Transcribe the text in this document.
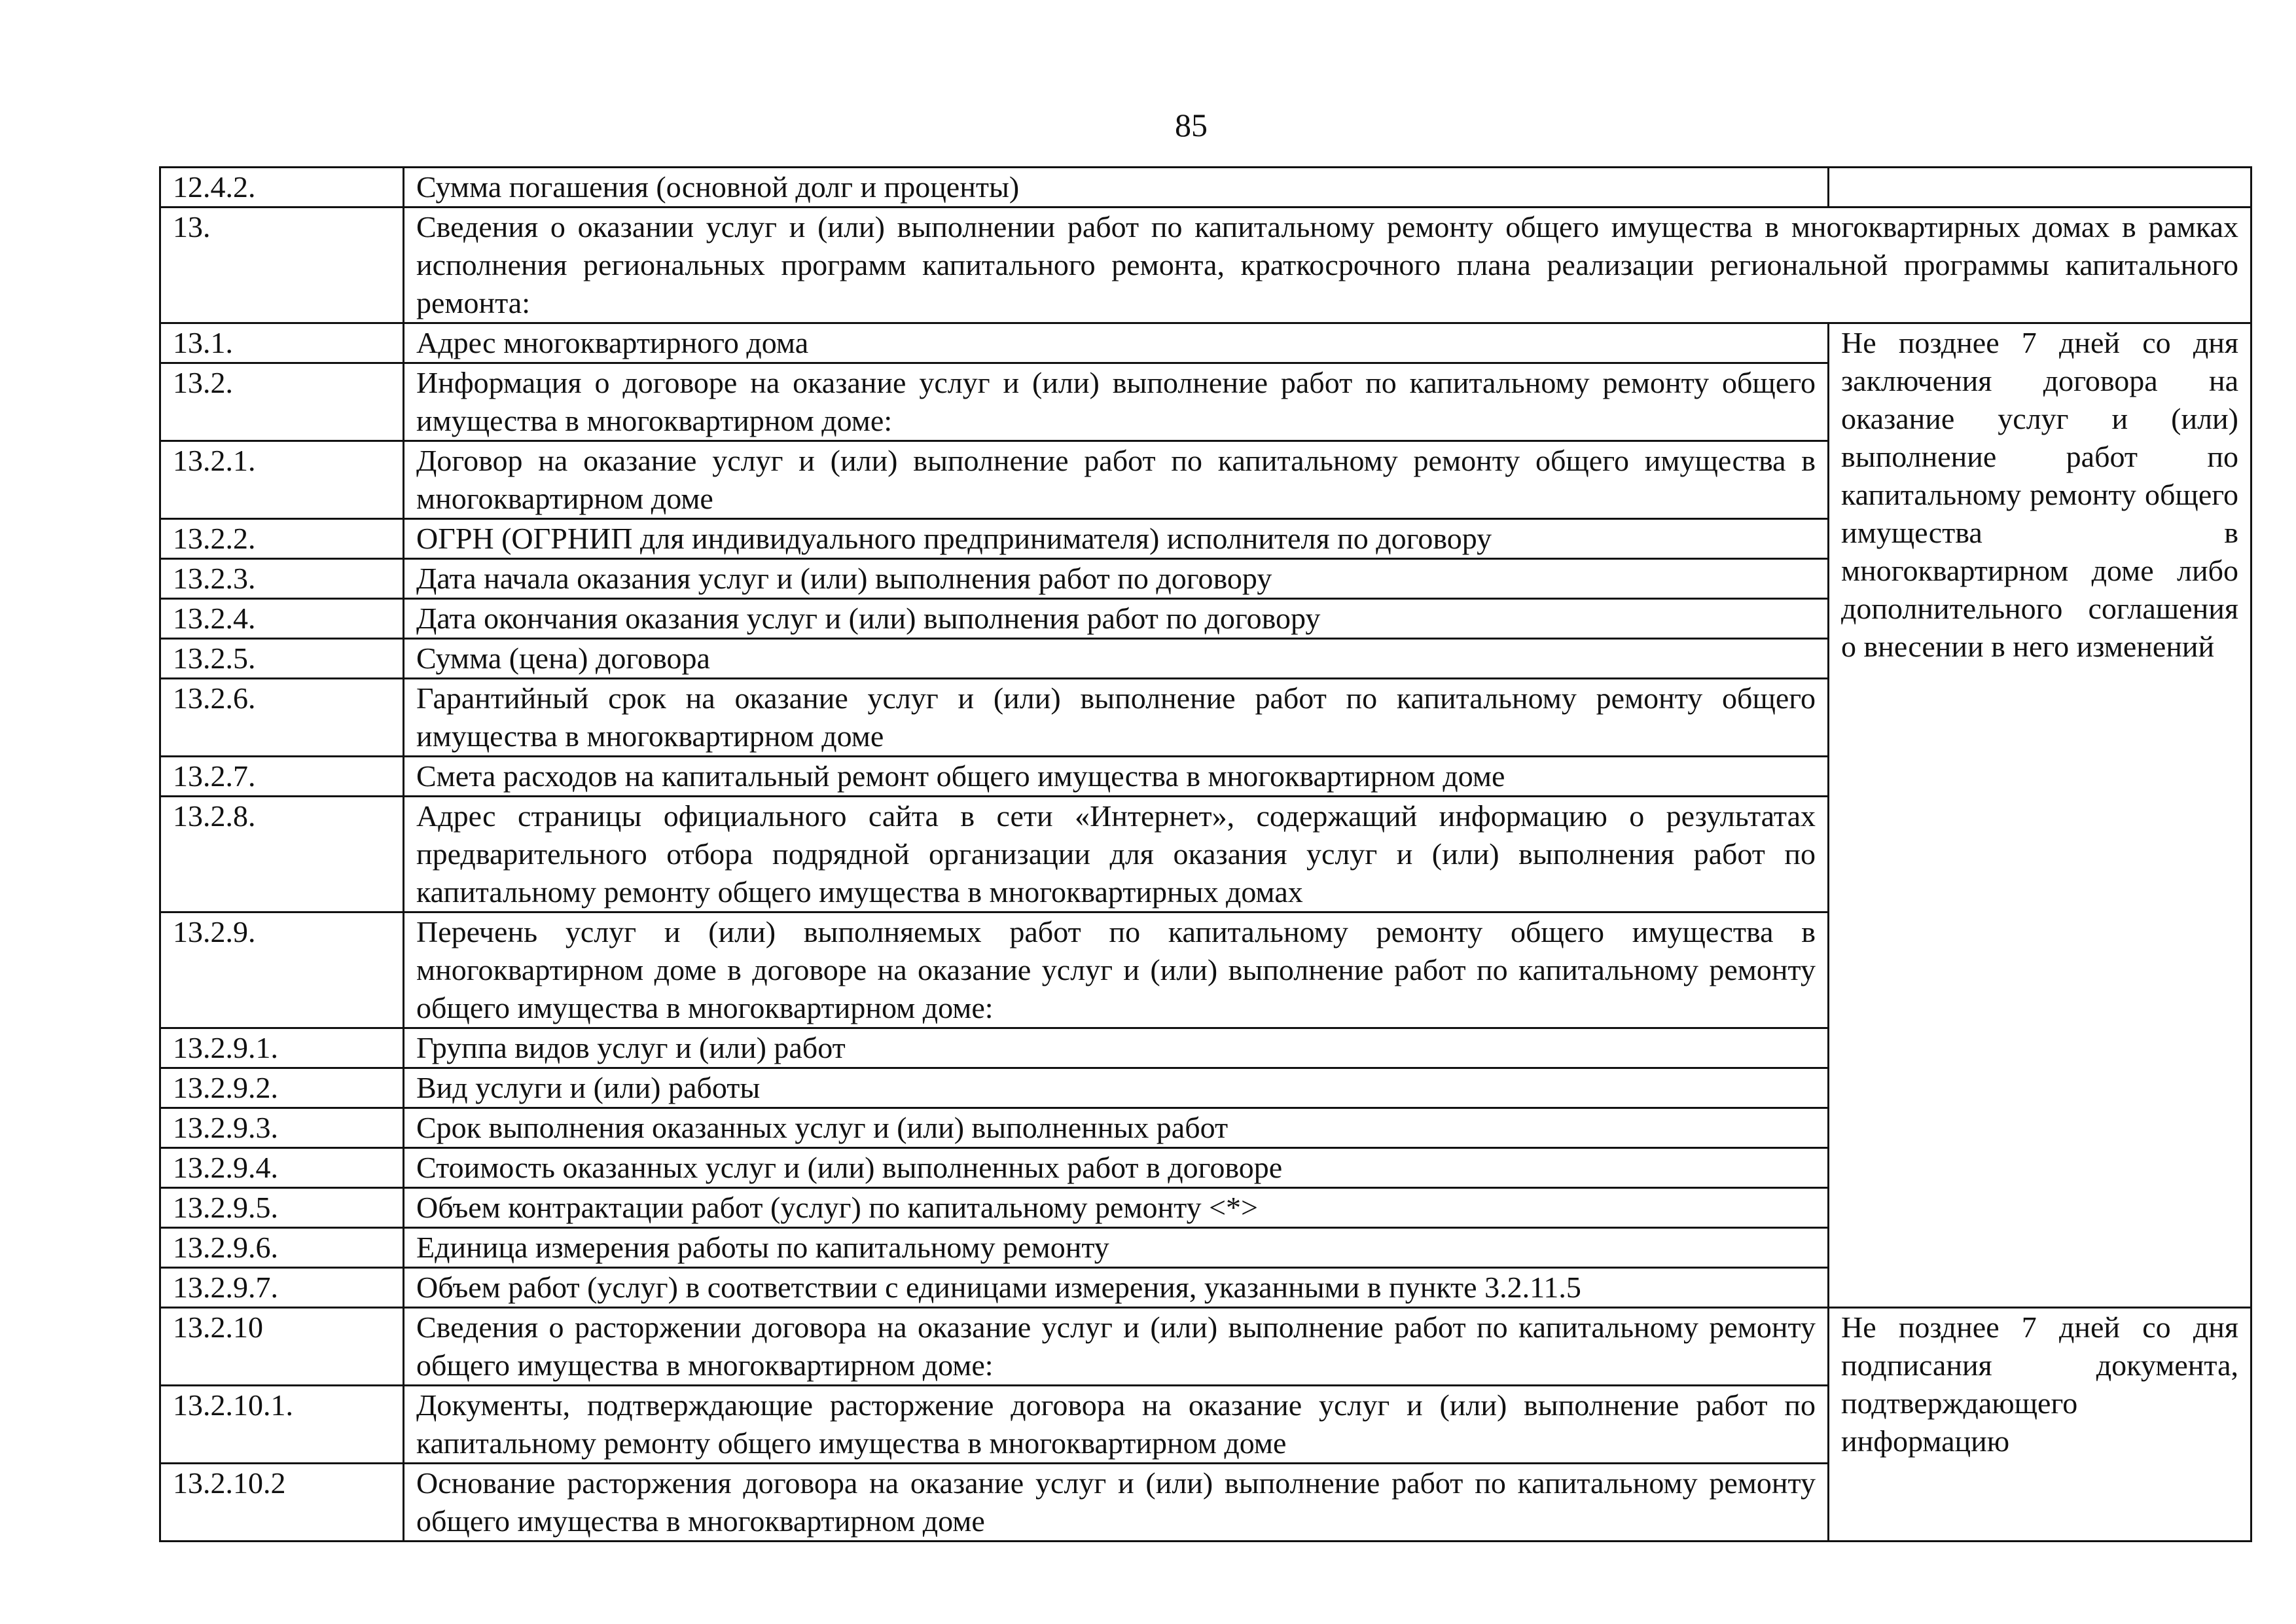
85
12.4.2.	Сумма погашения (основной долг и проценты)	
13.	Сведения о оказании услуг и (или) выполнении работ по капитальному ремонту общего имущества в многоквартирных домах в рамках исполнения региональных программ капитального ремонта, краткосрочного плана реализации региональной программы капитального ремонта:	
13.1.	Адрес многоквартирного дома	Не позднее 7 дней со дня заключения договора на оказание услуг и (или) выполнение работ по капитальному ремонту общего имущества в многоквартирном доме либо дополнительного соглашения о внесении в него изменений
13.2.	Информация о договоре на оказание услуг и (или) выполнение работ по капитальному ремонту общего имущества в многоквартирном доме:	
13.2.1.	Договор на оказание услуг и (или) выполнение работ по капитальному ремонту общего имущества в многоквартирном доме	
13.2.2.	ОГРН (ОГРНИП для индивидуального предпринимателя) исполнителя по договору	
13.2.3.	Дата начала оказания услуг и (или) выполнения работ по договору	
13.2.4.	Дата окончания оказания услуг и (или) выполнения работ по договору	
13.2.5.	Сумма (цена) договора	
13.2.6.	Гарантийный срок на оказание услуг и (или) выполнение работ по капитальному ремонту общего имущества в многоквартирном доме	
13.2.7.	Смета расходов на капитальный ремонт общего имущества в многоквартирном доме	
13.2.8.	Адрес страницы официального сайта в сети «Интернет», содержащий информацию о результатах предварительного отбора подрядной организации для оказания услуг и (или) выполнения работ по капитальному ремонту общего имущества в многоквартирных домах	
13.2.9.	Перечень услуг и (или) выполняемых работ по капитальному ремонту общего имущества в многоквартирном доме в договоре на оказание услуг и (или) выполнение работ по капитальному ремонту общего имущества в многоквартирном доме:	
13.2.9.1.	Группа видов услуг и (или) работ	
13.2.9.2.	Вид услуги и (или) работы	
13.2.9.3.	Срок выполнения оказанных услуг и (или) выполненных работ	
13.2.9.4.	Стоимость оказанных услуг и (или) выполненных работ в договоре	
13.2.9.5.	Объем контрактации работ (услуг) по капитальному ремонту <*>	
13.2.9.6.	Единица измерения работы по капитальному ремонту	
13.2.9.7.	Объем работ (услуг) в соответствии с единицами измерения, указанными в пункте 3.2.11.5	
13.2.10	Сведения о расторжении договора на оказание услуг и (или) выполнение работ по капитальному ремонту общего имущества в многоквартирном доме:	Не позднее 7 дней со дня подписания документа, подтверждающего информацию
13.2.10.1.	Документы, подтверждающие расторжение договора на оказание услуг и (или) выполнение работ по капитальному ремонту общего имущества в многоквартирном доме	
13.2.10.2	Основание расторжения договора на оказание услуг и (или) выполнение работ по капитальному ремонту общего имущества в многоквартирном доме	
